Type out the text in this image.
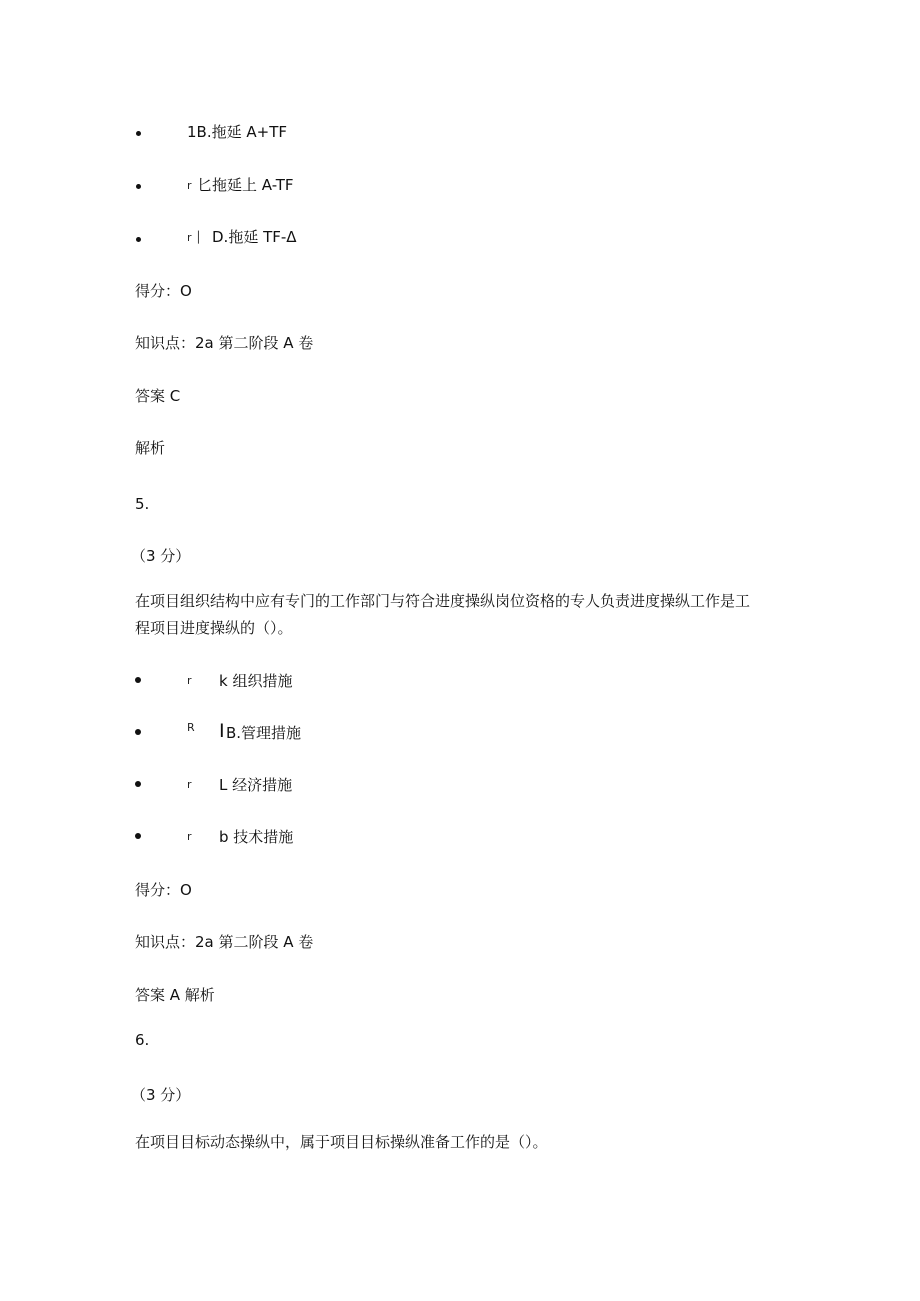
1B.拖延 A+TF
r 匕拖延上 A-TF
r │ D.拖延 TF-Δ
得分：O
知识点：2a 第二阶段 A 卷
答案 C
解析
5.
（3 分）
在项目组织结构中应有专门的工作部门与符合进度操纵岗位资格的专人负责进度操纵工作是工
程项目进度操纵的（）。
r k 组织措施
R I B.管理措施
r L 经济措施
r b 技术措施
得分：O
知识点：2a 第二阶段 A 卷
答案 A 解析
6.
（3 分）
在项目目标动态操纵中，属于项目目标操纵准备工作的是（）。
